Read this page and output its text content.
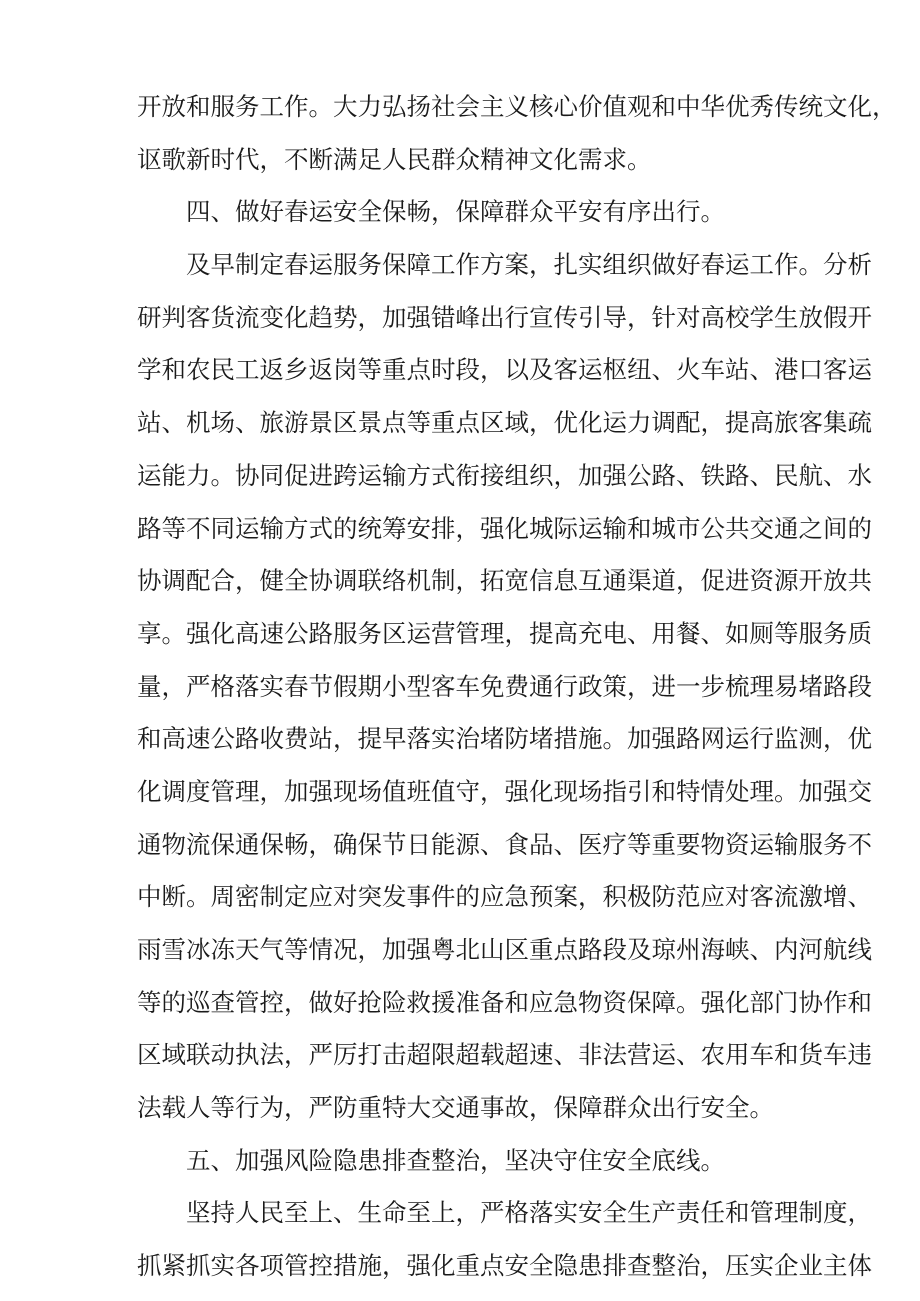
开放和服务工作。大力弘扬社会主义核心价值观和中华优秀传统文化，
讴歌新时代，不断满足人民群众精神文化需求。
四、做好春运安全保畅，保障群众平安有序出行。
及早制定春运服务保障工作方案，扎实组织做好春运工作。分析
研判客货流变化趋势，加强错峰出行宣传引导，针对高校学生放假开
学和农民工返乡返岗等重点时段，以及客运枢纽、火车站、港口客运
站、机场、旅游景区景点等重点区域，优化运力调配，提高旅客集疏
运能力。协同促进跨运输方式衔接组织，加强公路、铁路、民航、水
路等不同运输方式的统筹安排，强化城际运输和城市公共交通之间的
协调配合，健全协调联络机制，拓宽信息互通渠道，促进资源开放共
享。强化高速公路服务区运营管理，提高充电、用餐、如厕等服务质
量，严格落实春节假期小型客车免费通行政策，进一步梳理易堵路段
和高速公路收费站，提早落实治堵防堵措施。加强路网运行监测，优
化调度管理，加强现场值班值守，强化现场指引和特情处理。加强交
通物流保通保畅，确保节日能源、食品、医疗等重要物资运输服务不
中断。周密制定应对突发事件的应急预案，积极防范应对客流激增、
雨雪冰冻天气等情况，加强粤北山区重点路段及琼州海峡、内河航线
等的巡查管控，做好抢险救援准备和应急物资保障。强化部门协作和
区域联动执法，严厉打击超限超载超速、非法营运、农用车和货车违
法载人等行为，严防重特大交通事故，保障群众出行安全。
五、加强风险隐患排查整治，坚决守住安全底线。
坚持人民至上、生命至上，严格落实安全生产责任和管理制度，
抓紧抓实各项管控措施，强化重点安全隐患排查整治，压实企业主体
